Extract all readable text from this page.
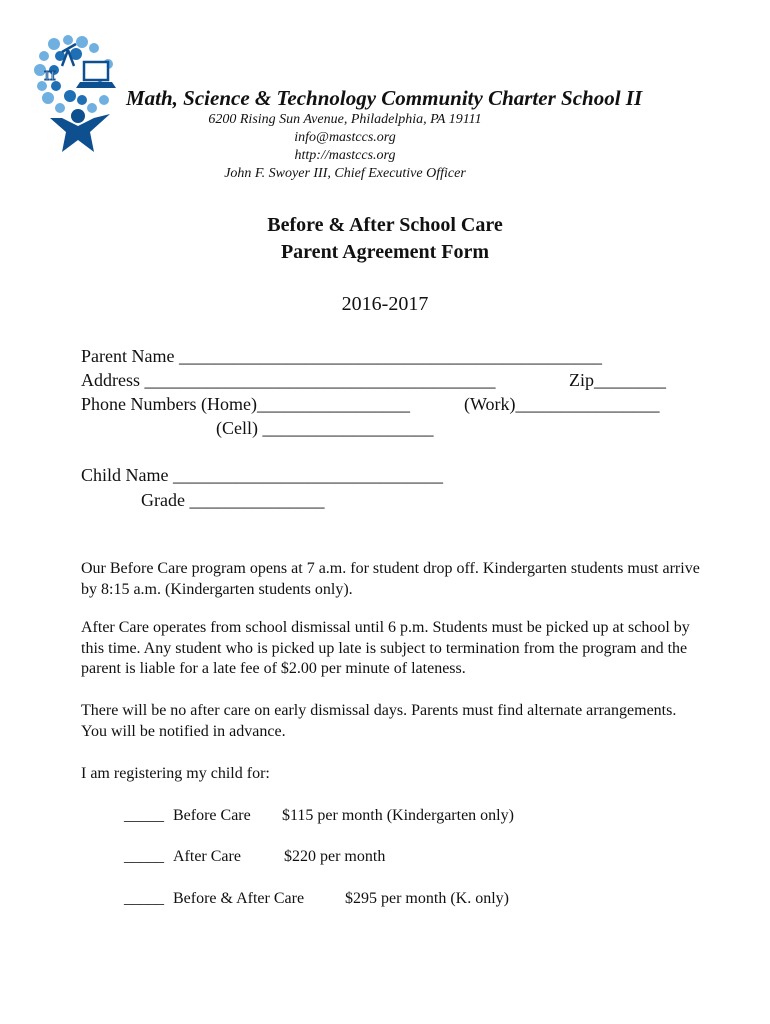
π
Math, Science & Technology Community Charter School II
6200 Rising Sun Avenue, Philadelphia, PA 19111
info@mastccs.org
http://mastccs.org
John F. Swoyer III, Chief Executive Officer
Before & After School Care
Parent Agreement Form
2016-2017
Parent Name _______________________________________________
Address _______________________________________	Zip________
Phone Numbers (Home)_________________	(Work)________________
(Cell) ___________________
Child Name ______________________________
Grade _______________
Our Before Care program opens at 7 a.m. for student drop off. Kindergarten students must arrive by 8:15 a.m. (Kindergarten students only).
After Care operates from school dismissal until 6 p.m. Students must be picked up at school by this time. Any student who is picked up late is subject to termination from the program and the parent is liable for a late fee of $2.00 per minute of lateness.
There will be no after care on early dismissal days. Parents must find alternate arrangements. You will be notified in advance.
I am registering my child for:
_____ Before Care $115 per month (Kindergarten only)
_____ After Care	$220 per month
_____ Before & After Care	$295 per month (K. only)
